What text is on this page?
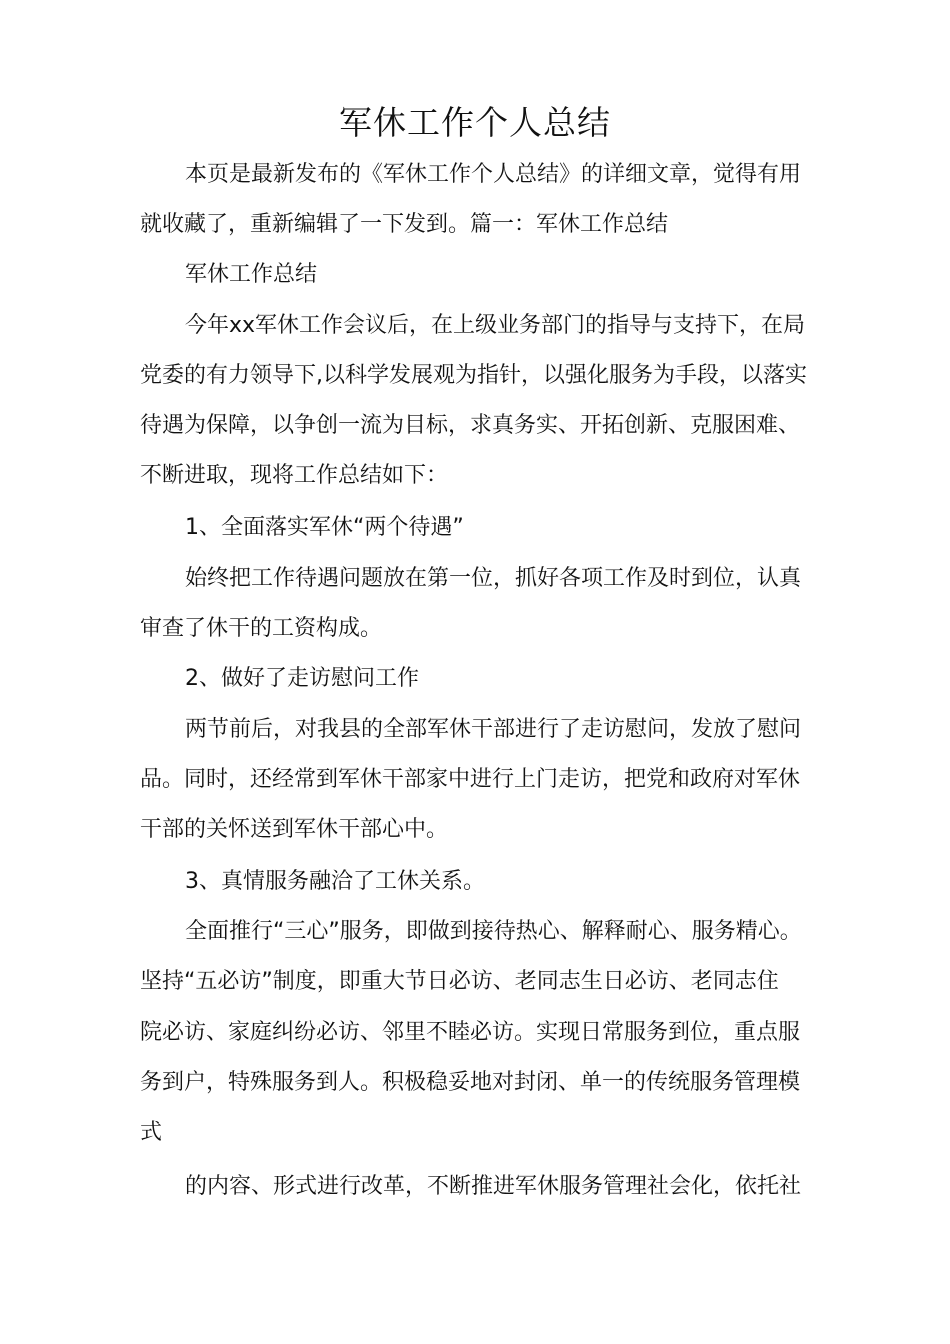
军休工作个人总结
本页是最新发布的《军休工作个人总结》的详细文章，觉得有用
就收藏了，重新编辑了一下发到。篇一：军休工作总结
军休工作总结
今年xx军休工作会议后，在上级业务部门的指导与支持下，在局
党委的有力领导下,以科学发展观为指针，以强化服务为手段，以落实
待遇为保障，以争创一流为目标，求真务实、开拓创新、克服困难、
不断进取，现将工作总结如下：
1、全面落实军休“两个待遇”
始终把工作待遇问题放在第一位，抓好各项工作及时到位，认真
审查了休干的工资构成。
2、做好了走访慰问工作
两节前后，对我县的全部军休干部进行了走访慰问，发放了慰问
品。同时，还经常到军休干部家中进行上门走访，把党和政府对军休
干部的关怀送到军休干部心中。
3、真情服务融洽了工休关系。
全面推行“三心”服务，即做到接待热心、解释耐心、服务精心。
坚持“五必访”制度，即重大节日必访、老同志生日必访、老同志住
院必访、家庭纠纷必访、邻里不睦必访。实现日常服务到位，重点服
务到户，特殊服务到人。积极稳妥地对封闭、单一的传统服务管理模
式
的内容、形式进行改革，不断推进军休服务管理社会化，依托社
